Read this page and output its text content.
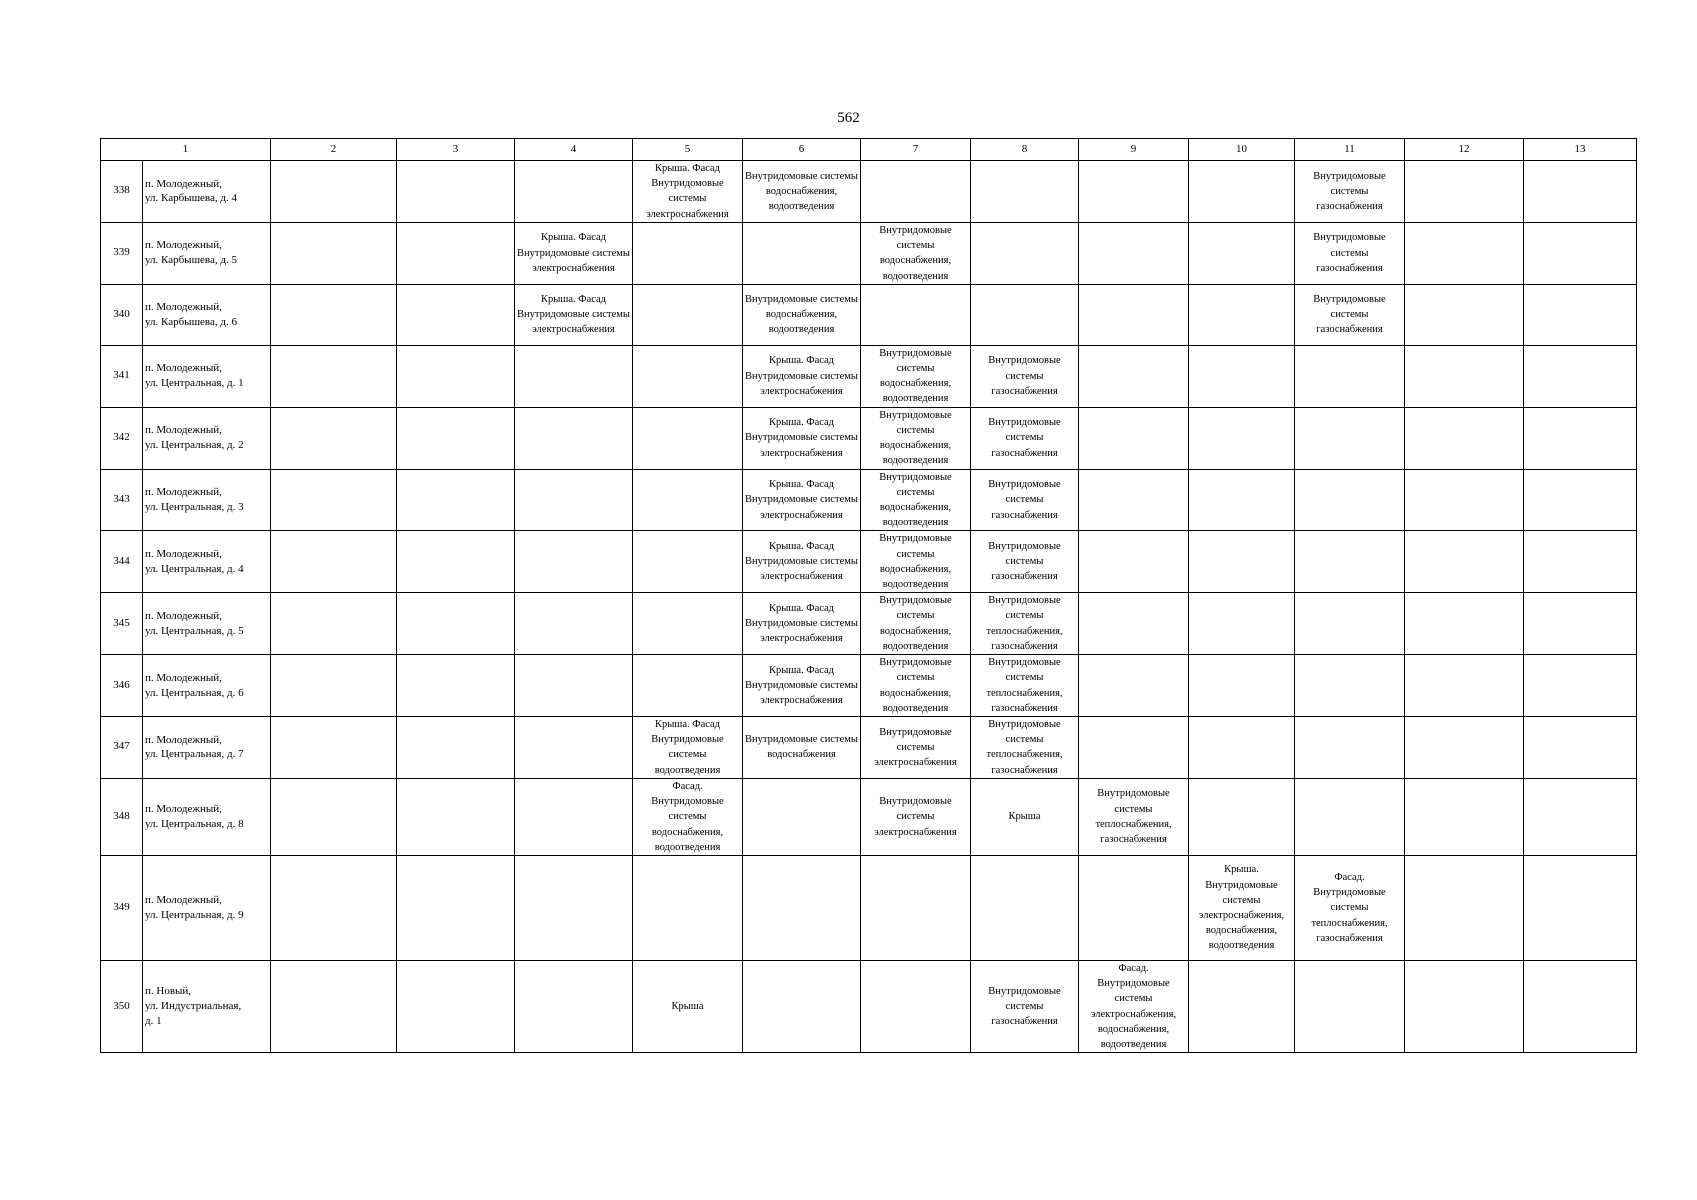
562
1		2	3	4	5	6	7	8	9	10	11	12	13
338	п. Молодежный,
ул. Карбышева, д. 4				Крыша. Фасад Внутридомовые системы электроснабжения	Внутридомовые системы водоснабжения, водоотведения					Внутридомовые системы газоснабжения		

339	п. Молодежный,
ул. Карбышева, д. 5			Крыша. Фасад Внутридомовые системы электроснабжения			Внутридомовые системы водоснабжения, водоотведения				Внутридомовые системы газоснабжения		

340	п. Молодежный,
ул. Карбышева, д. 6			Крыша. Фасад Внутридомовые системы электроснабжения		Внутридомовые системы водоснабжения, водоотведения					Внутридомовые системы газоснабжения		

341	п. Молодежный,
ул. Центральная, д. 1					Крыша. Фасад Внутридомовые системы электроснабжения	Внутридомовые системы водоснабжения, водоотведения	Внутридомовые системы газоснабжения					

342	п. Молодежный,
ул. Центральная, д. 2					Крыша. Фасад Внутридомовые системы электроснабжения	Внутридомовые системы водоснабжения, водоотведения	Внутридомовые системы газоснабжения					

343	п. Молодежный,
ул. Центральная, д. 3					Крыша. Фасад Внутридомовые системы электроснабжения	Внутридомовые системы водоснабжения, водоотведения	Внутридомовые системы газоснабжения					

344	п. Молодежный,
ул. Центральная, д. 4					Крыша. Фасад Внутридомовые системы электроснабжения	Внутридомовые системы водоснабжения, водоотведения	Внутридомовые системы газоснабжения					

345	п. Молодежный,
ул. Центральная, д. 5					Крыша. Фасад Внутридомовые системы электроснабжения	Внутридомовые системы водоснабжения, водоотведения	Внутридомовые системы теплоснабжения, газоснабжения					

346	п. Молодежный,
ул. Центральная, д. 6					Крыша. Фасад Внутридомовые системы электроснабжения	Внутридомовые системы водоснабжения, водоотведения	Внутридомовые системы теплоснабжения, газоснабжения					

347	п. Молодежный,
ул. Центральная, д. 7				Крыша. Фасад Внутридомовые системы водоотведения	Внутридомовые системы водоснабжения	Внутридомовые системы электроснабжения	Внутридомовые системы теплоснабжения, газоснабжения					

348	п. Молодежный,
ул. Центральная, д. 8				Фасад. Внутридомовые системы водоснабжения, водоотведения		Внутридомовые системы электроснабжения	Крыша	Внутридомовые системы теплоснабжения, газоснабжения				

349	п. Молодежный,
ул. Центральная, д. 9									Крыша. Внутридомовые системы электроснабжения, водоснабжения, водоотведения	Фасад. Внутридомовые системы теплоснабжения, газоснабжения		

350	п. Новый,
ул. Индустриальная,
д. 1				Крыша			Внутридомовые системы газоснабжения	Фасад. Внутридомовые системы электроснабжения, водоснабжения, водоотведения				
